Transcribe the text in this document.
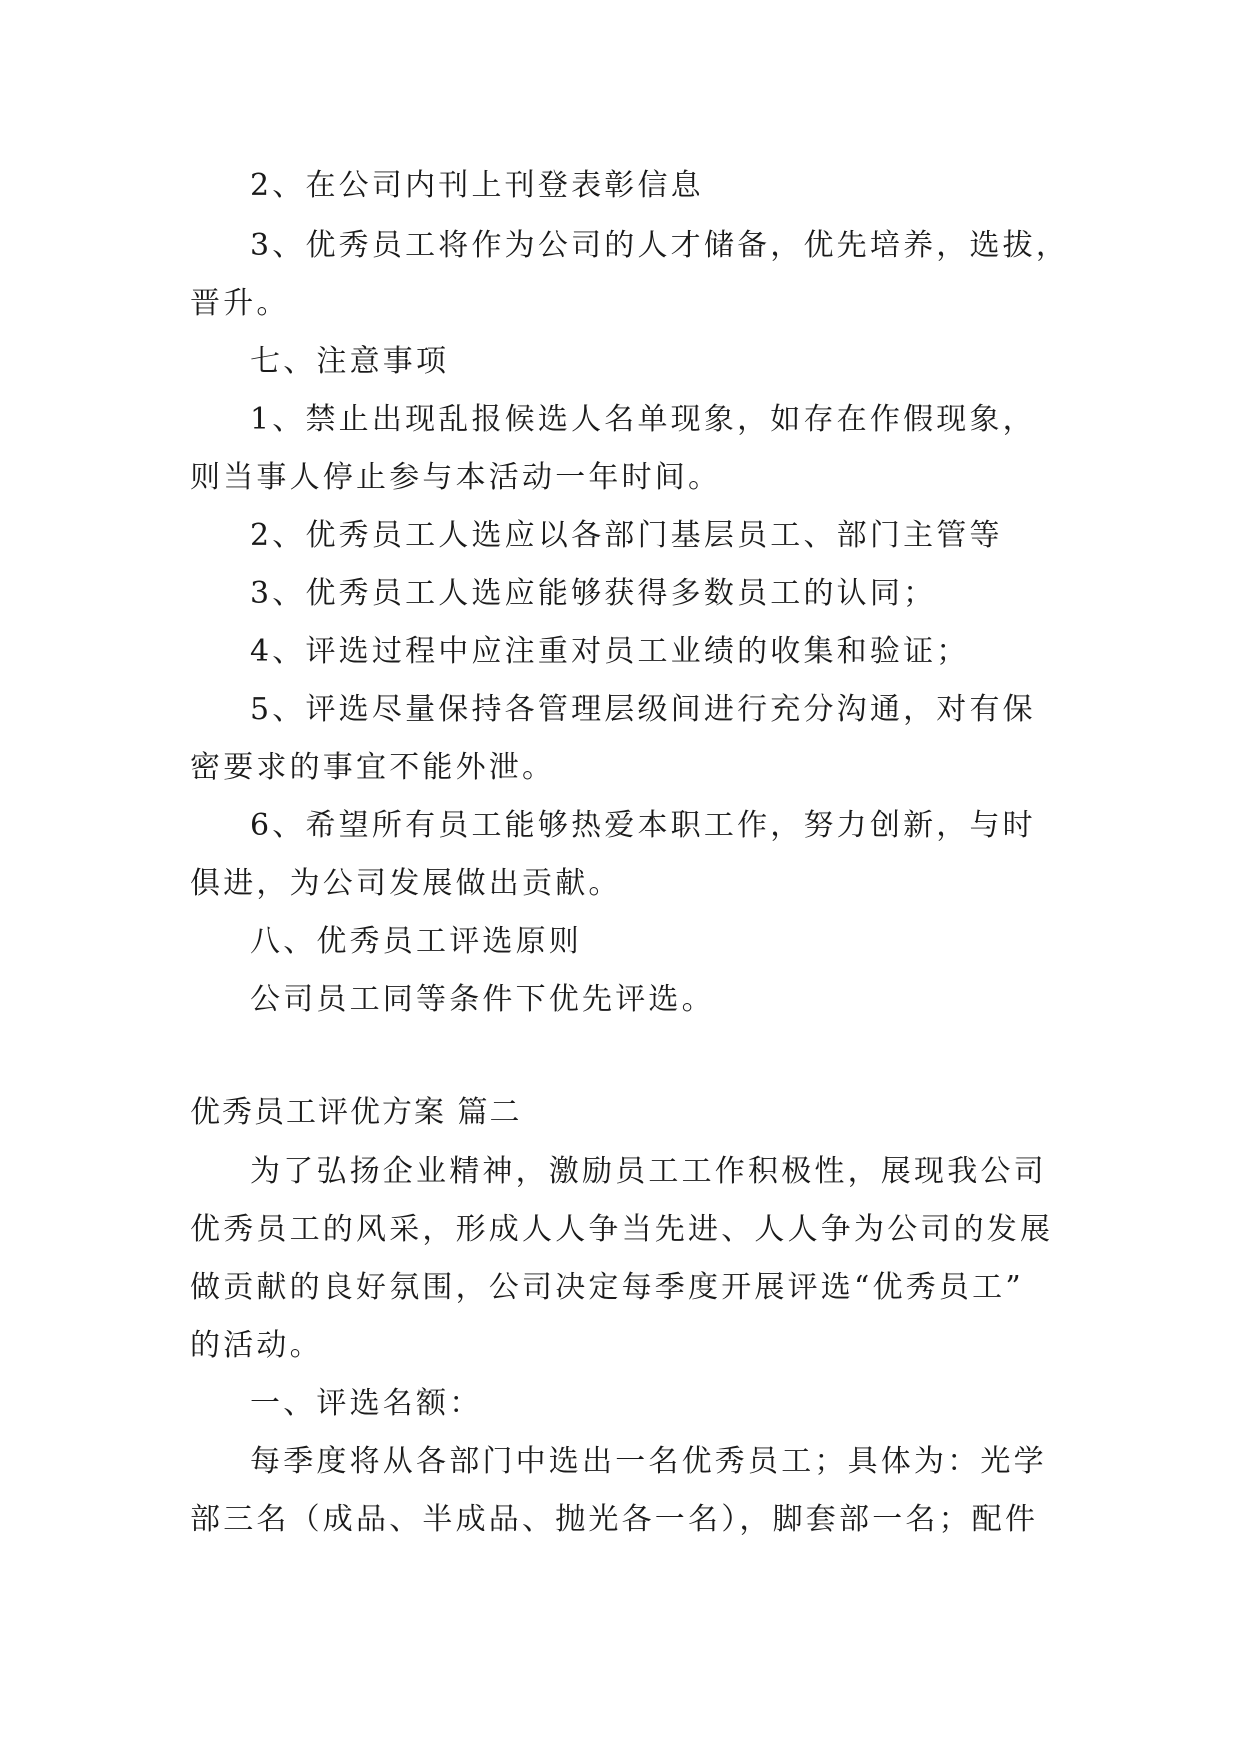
2、在公司内刊上刊登表彰信息
3、优秀员工将作为公司的人才储备，优先培养，选拔，
晋升。
七、注意事项
1、禁止出现乱报候选人名单现象，如存在作假现象，
则当事人停止参与本活动一年时间。
2、优秀员工人选应以各部门基层员工、部门主管等
3、优秀员工人选应能够获得多数员工的认同；
4、评选过程中应注重对员工业绩的收集和验证；
5、评选尽量保持各管理层级间进行充分沟通，对有保
密要求的事宜不能外泄。
6、希望所有员工能够热爱本职工作，努力创新，与时
俱进，为公司发展做出贡献。
八、优秀员工评选原则
公司员工同等条件下优先评选。
优秀员工评优方案 篇二
为了弘扬企业精神，激励员工工作积极性，展现我公司
优秀员工的风采，形成人人争当先进、人人争为公司的发展
做贡献的良好氛围，公司决定每季度开展评选“优秀员工”
的活动。
一、评选名额：
每季度将从各部门中选出一名优秀员工；具体为：光学
部三名（成品、半成品、抛光各一名），脚套部一名；配件
